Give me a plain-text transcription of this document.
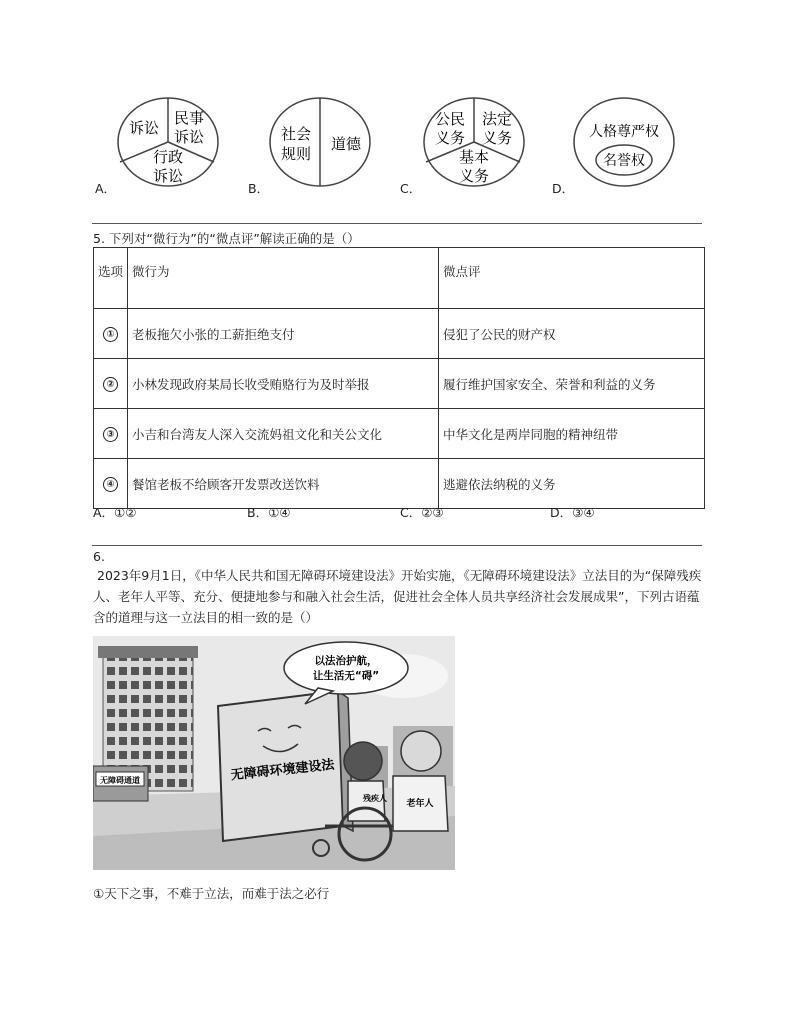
A．
诉讼
民事
诉讼
行政
诉讼
B．
社会
规则
道德
C．
公民
义务
法定
义务
基本
义务
D．
人格尊严权
名誉权
5. 下列对“微行为”的“微点评”解读正确的是（）
选项	微行为	微点评
①	老板拖欠小张的工薪拒绝支付	侵犯了公民的财产权
②	小林发现政府某局长收受贿赂行为及时举报	履行维护国家安全、荣誉和利益的义务
③	小吉和台湾友人深入交流妈祖文化和关公文化	中华文化是两岸同胞的精神纽带
④	餐馆老板不给顾客开发票改送饮料	逃避依法纳税的义务
A．①②	B．①④	C．②③	D．③④
6.
2023年9月1日，《中华人民共和国无障碍环境建设法》开始实施，《无障碍环境建设法》立法目的为“保障残疾人、老年人平等、充分、便捷地参与和融入社会生活，促进社会全体人员共享经济社会发展成果”，下列古语蕴含的道理与这一立法目的相一致的是（）
无障碍通道	无障碍环境建设法
以法治护航，
让生活无“碍”
老年人
残疾人
①天下之事，不难于立法，而难于法之必行
